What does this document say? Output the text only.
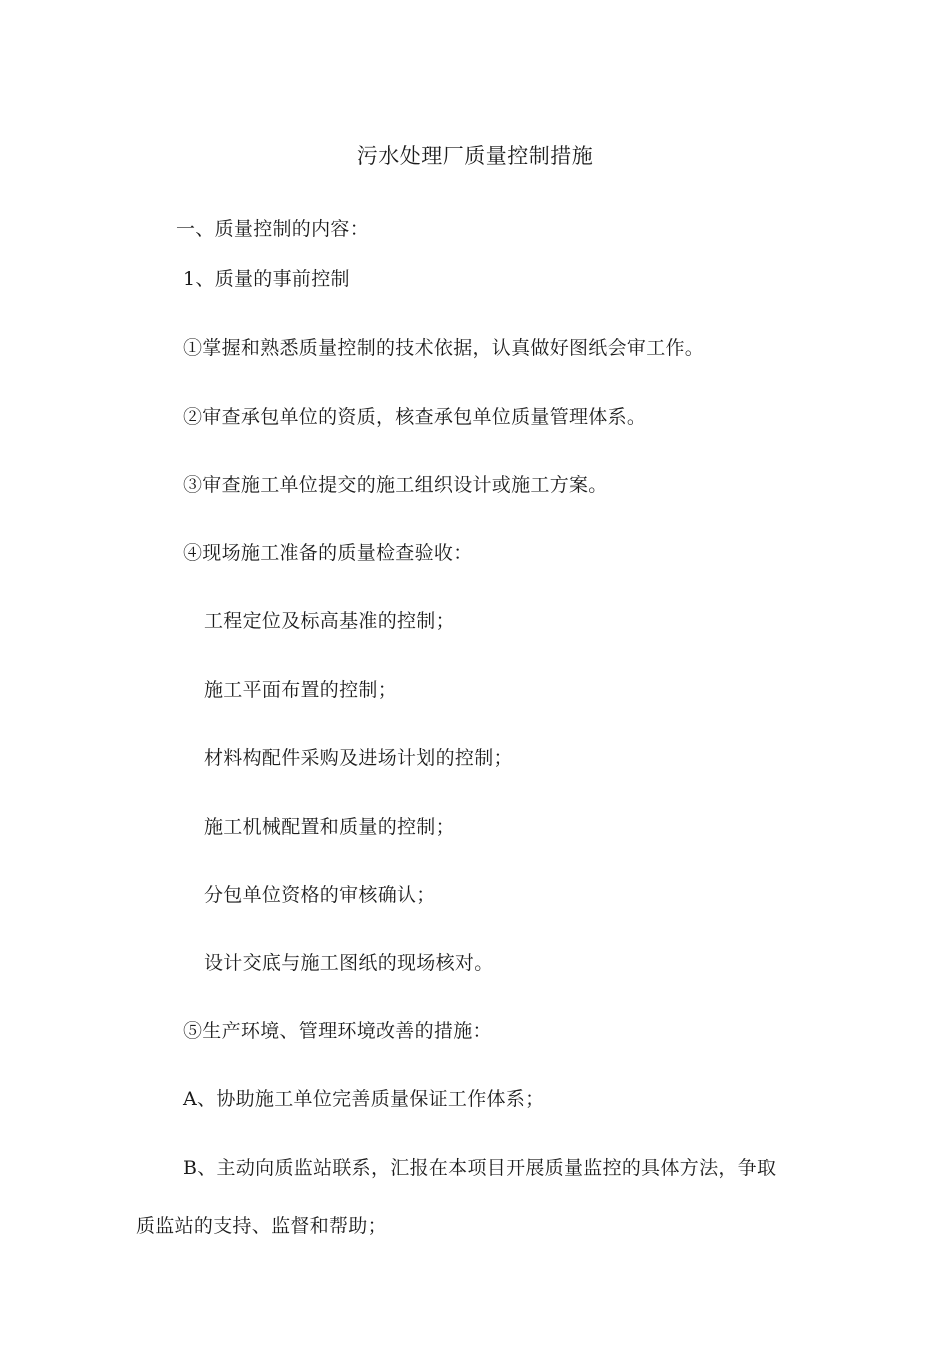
污水处理厂质量控制措施
一、质量控制的内容：
1、质量的事前控制
①掌握和熟悉质量控制的技术依据，认真做好图纸会审工作。
②审查承包单位的资质，核查承包单位质量管理体系。
③审查施工单位提交的施工组织设计或施工方案。
④现场施工准备的质量检查验收：
工程定位及标高基准的控制；
施工平面布置的控制；
材料构配件采购及进场计划的控制；
施工机械配置和质量的控制；
分包单位资格的审核确认；
设计交底与施工图纸的现场核对。
⑤生产环境、管理环境改善的措施：
A、协助施工单位完善质量保证工作体系；
B、主动向质监站联系，汇报在本项目开展质量监控的具体方法，争取
质监站的支持、监督和帮助；
